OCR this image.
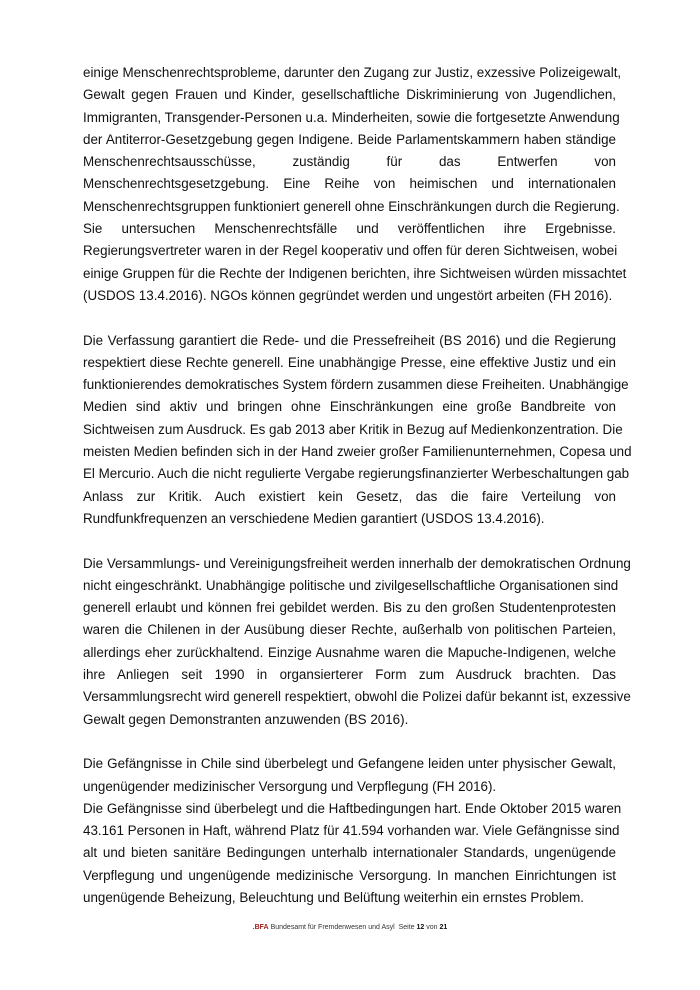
einige Menschenrechtsprobleme, darunter den Zugang zur Justiz, exzessive Polizeigewalt,
Gewalt gegen Frauen und Kinder, gesellschaftliche Diskriminierung von Jugendlichen,
Immigranten, Transgender-Personen u.a. Minderheiten, sowie die fortgesetzte Anwendung
der Antiterror-Gesetzgebung gegen Indigene. Beide Parlamentskammern haben ständige
Menschenrechtsausschüsse, zuständig für das Entwerfen von
Menschenrechtsgesetzgebung. Eine Reihe von heimischen und internationalen
Menschenrechtsgruppen funktioniert generell ohne Einschränkungen durch die Regierung.
Sie untersuchen Menschenrechtsfälle und veröffentlichen ihre Ergebnisse.
Regierungsvertreter waren in der Regel kooperativ und offen für deren Sichtweisen, wobei
einige Gruppen für die Rechte der Indigenen berichten, ihre Sichtweisen würden missachtet
(USDOS 13.4.2016). NGOs können gegründet werden und ungestört arbeiten (FH 2016).
Die Verfassung garantiert die Rede- und die Pressefreiheit (BS 2016) und die Regierung
respektiert diese Rechte generell. Eine unabhängige Presse, eine effektive Justiz und ein
funktionierendes demokratisches System fördern zusammen diese Freiheiten. Unabhängige
Medien sind aktiv und bringen ohne Einschränkungen eine große Bandbreite von
Sichtweisen zum Ausdruck. Es gab 2013 aber Kritik in Bezug auf Medienkonzentration. Die
meisten Medien befinden sich in der Hand zweier großer Familienunternehmen, Copesa und
El Mercurio. Auch die nicht regulierte Vergabe regierungsfinanzierter Werbeschaltungen gab
Anlass zur Kritik. Auch existiert kein Gesetz, das die faire Verteilung von
Rundfunkfrequenzen an verschiedene Medien garantiert (USDOS 13.4.2016).
Die Versammlungs- und Vereinigungsfreiheit werden innerhalb der demokratischen Ordnung
nicht eingeschränkt. Unabhängige politische und zivilgesellschaftliche Organisationen sind
generell erlaubt und können frei gebildet werden. Bis zu den großen Studentenprotesten
waren die Chilenen in der Ausübung dieser Rechte, außerhalb von politischen Parteien,
allerdings eher zurückhaltend. Einzige Ausnahme waren die Mapuche-Indigenen, welche
ihre Anliegen seit 1990 in organsierterer Form zum Ausdruck brachten. Das
Versammlungsrecht wird generell respektiert, obwohl die Polizei dafür bekannt ist, exzessive
Gewalt gegen Demonstranten anzuwenden (BS 2016).
Die Gefängnisse in Chile sind überbelegt und Gefangene leiden unter physischer Gewalt,
ungenügender medizinischer Versorgung und Verpflegung (FH 2016).
Die Gefängnisse sind überbelegt und die Haftbedingungen hart. Ende Oktober 2015 waren
43.161 Personen in Haft, während Platz für 41.594 vorhanden war. Viele Gefängnisse sind
alt und bieten sanitäre Bedingungen unterhalb internationaler Standards, ungenügende
Verpflegung und ungenügende medizinische Versorgung. In manchen Einrichtungen ist
ungenügende Beheizung, Beleuchtung und Belüftung weiterhin ein ernstes Problem.
.BFA Bundesamt für Fremdenwesen und Asyl Seite 12 von 21
